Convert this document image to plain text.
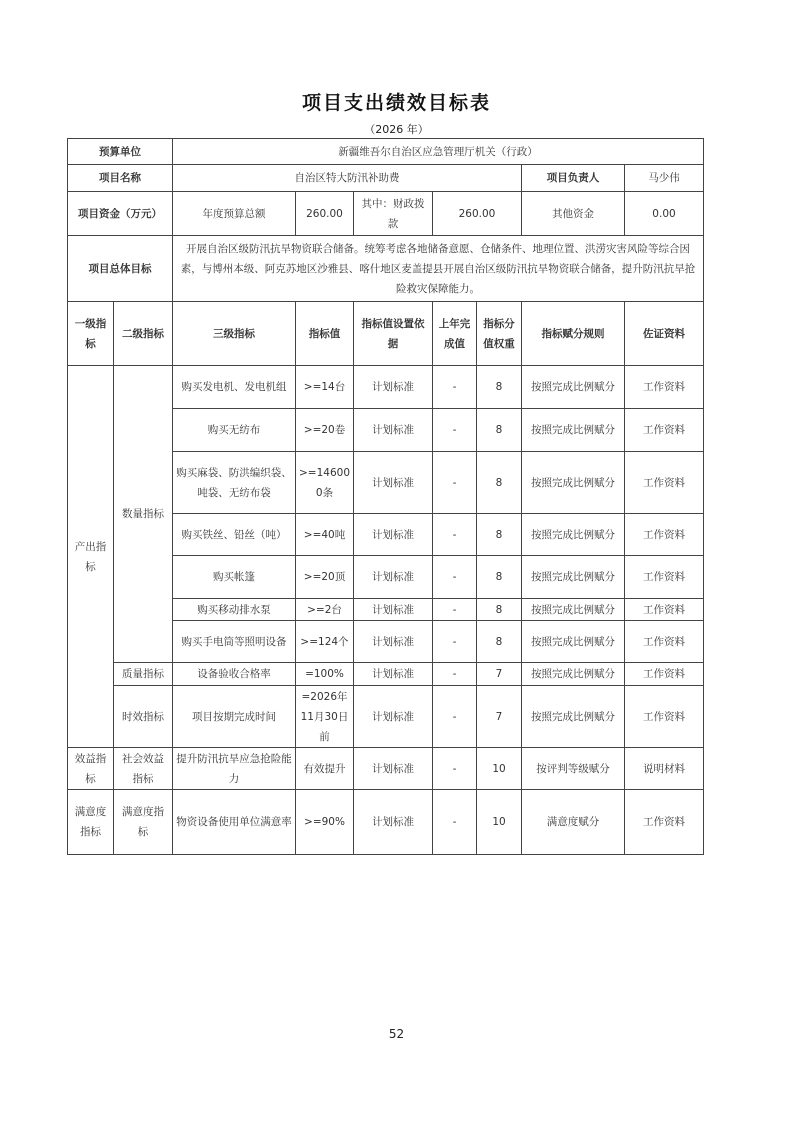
项目支出绩效目标表
（2026 年）
预算单位		新疆维吾尔自治区应急管理厅机关（行政）						
项目名称		自治区特大防汛补助费					项目负责人	马少伟
项目资金（万元）		年度预算总额	260.00	其中：财政拨款	260.00		其他资金	0.00
项目总体目标		开展自治区级防汛抗旱物资联合储备。统筹考虑各地储备意愿、仓储条件、地理位置、洪涝灾害风险等综合因素，与博州本级、阿克苏地区沙雅县、喀什地区麦盖提县开展自治区级防汛抗旱物资联合储备，提升防汛抗旱抢险救灾保障能力。						
一级指标	二级指标	三级指标	指标值	指标值设置依据	上年完成值	指标分值权重	指标赋分规则	佐证资料
产出指标	数量指标	购买发电机、发电机组	>=14台	计划标准	-	8	按照完成比例赋分	工作资料
		购买无纺布	>=20卷	计划标准	-	8	按照完成比例赋分	工作资料
		购买麻袋、防洪编织袋、吨袋、无纺布袋	>=146000条	计划标准	-	8	按照完成比例赋分	工作资料
		购买铁丝、铅丝（吨）	>=40吨	计划标准	-	8	按照完成比例赋分	工作资料
		购买帐篷	>=20顶	计划标准	-	8	按照完成比例赋分	工作资料
		购买移动排水泵	>=2台	计划标准	-	8	按照完成比例赋分	工作资料
		购买手电筒等照明设备	>=124个	计划标准	-	8	按照完成比例赋分	工作资料
	质量指标	设备验收合格率	=100%	计划标准	-	7	按照完成比例赋分	工作资料
	时效指标	项目按期完成时间	=2026年11月30日前	计划标准	-	7	按照完成比例赋分	工作资料
效益指标	社会效益指标	提升防汛抗旱应急抢险能力	有效提升	计划标准	-	10	按评判等级赋分	说明材料
满意度指标	满意度指标	物资设备使用单位满意率	>=90%	计划标准	-	10	满意度赋分	工作资料
52
